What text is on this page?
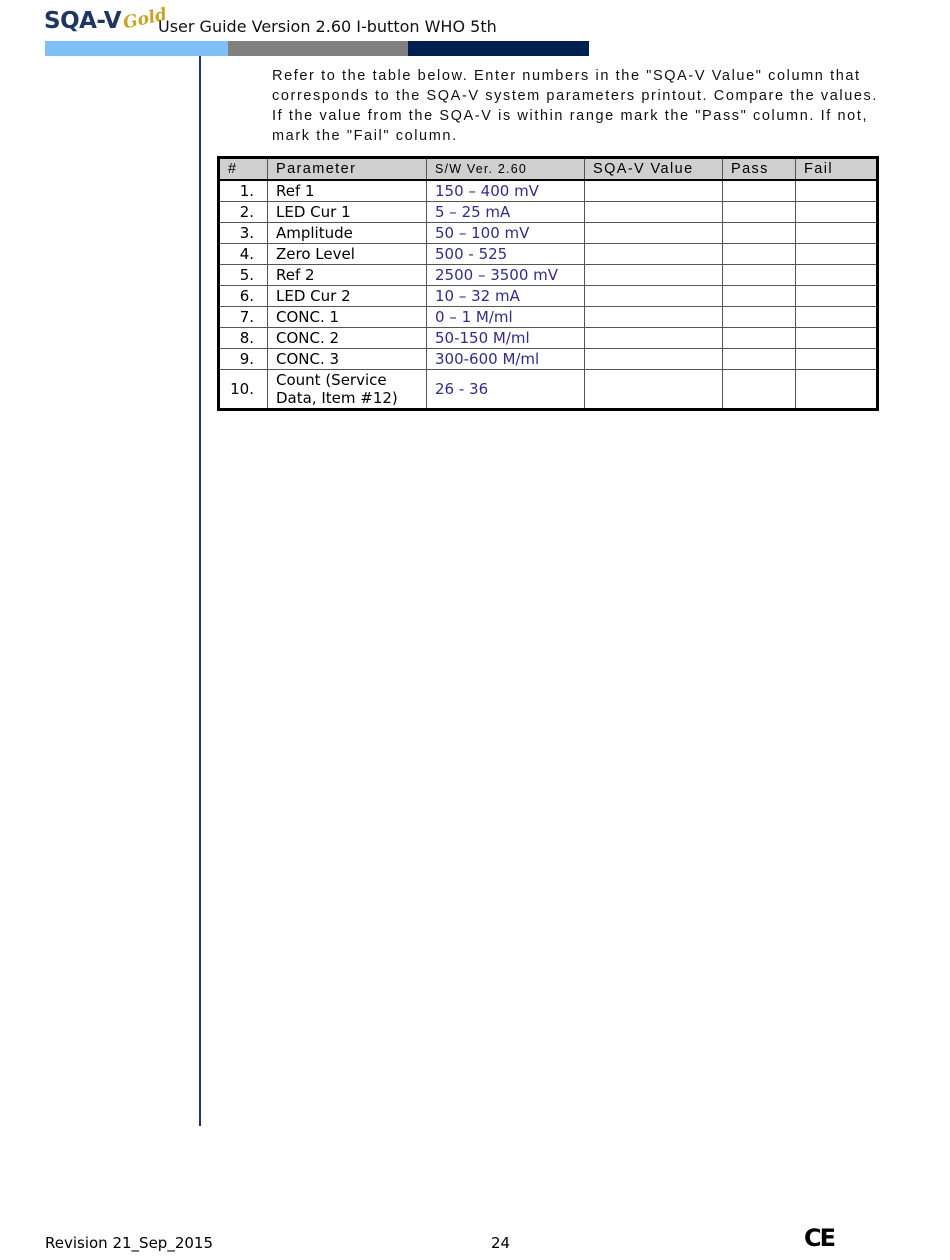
SQA-V Gold
User Guide Version 2.60 I-button WHO 5th

Refer to the table below. Enter numbers in the "SQA-V Value" column that corresponds to the SQA-V system parameters printout. Compare the values. If the value from the SQA-V is within range mark the "Pass" column. If not, mark the "Fail" column.

#	Parameter	S/W Ver. 2.60	SQA-V Value	Pass	Fail
1.	Ref 1	150 – 400 mV			
2.	LED Cur 1	5 – 25 mA			
3.	Amplitude	50 – 100 mV			
4.	Zero Level	500 - 525			
5.	Ref 2	2500 – 3500 mV			
6.	LED Cur 2	10 – 32 mA			
7.	CONC. 1	0 – 1 M/ml			
8.	CONC. 2	50-150 M/ml			
9.	CONC. 3	300-600 M/ml			
10.	Count (Service Data, Item #12)	26 - 36			
Revision 21_Sep_2015	24	CE
